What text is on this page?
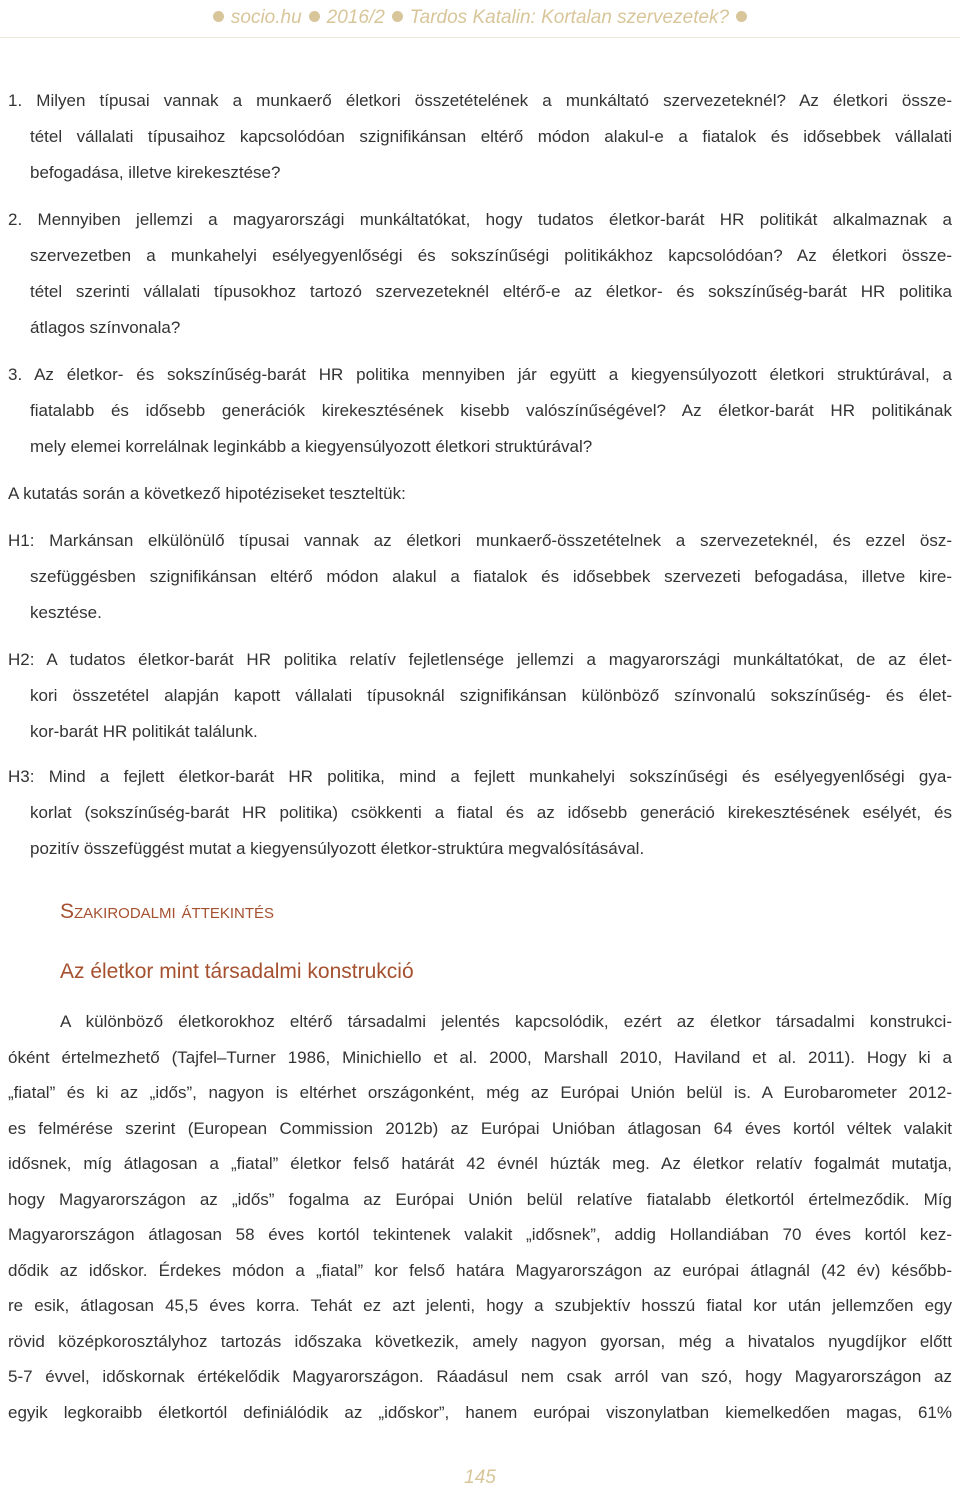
socio.hu 2016/2 Tardos Katalin: Kortalan szervezetek?
1. Milyen típusai vannak a munkaerő életkori összetételének a munkáltató szervezeteknél? Az életkori össze-
tétel vállalati típusaihoz kapcsolódóan szignifikánsan eltérő módon alakul-e a fiatalok és idősebbek vállalati
befogadása, illetve kirekesztése?
2. Mennyiben jellemzi a magyarországi munkáltatókat, hogy tudatos életkor-barát HR politikát alkalmaznak a
szervezetben a munkahelyi esélyegyenlőségi és sokszínűségi politikákhoz kapcsolódóan? Az életkori össze-
tétel szerinti vállalati típusokhoz tartozó szervezeteknél eltérő-e az életkor- és sokszínűség-barát HR politika
átlagos színvonala?
3. Az életkor- és sokszínűség-barát HR politika mennyiben jár együtt a kiegyensúlyozott életkori struktúrával, a
fiatalabb és idősebb generációk kirekesztésének kisebb valószínűségével? Az életkor-barát HR politikának
mely elemei korrelálnak leginkább a kiegyensúlyozott életkori struktúrával?
A kutatás során a következő hipotéziseket teszteltük:
H1: Markánsan elkülönülő típusai vannak az életkori munkaerő-összetételnek a szervezeteknél, és ezzel ösz-
szefüggésben szignifikánsan eltérő módon alakul a fiatalok és idősebbek szervezeti befogadása, illetve kire-
kesztése.
H2: A tudatos életkor-barát HR politika relatív fejletlensége jellemzi a magyarországi munkáltatókat, de az élet-
kori összetétel alapján kapott vállalati típusoknál szignifikánsan különböző színvonalú sokszínűség- és élet-
kor-barát HR politikát találunk.
H3: Mind a fejlett életkor-barát HR politika, mind a fejlett munkahelyi sokszínűségi és esélyegyenlőségi gya-
korlat (sokszínűség-barát HR politika) csökkenti a fiatal és az idősebb generáció kirekesztésének esélyét, és
pozitív összefüggést mutat a kiegyensúlyozott életkor-struktúra megvalósításával.
Szakirodalmi áttekintés
Az életkor mint társadalmi konstrukció
A különböző életkorokhoz eltérő társadalmi jelentés kapcsolódik, ezért az életkor társadalmi konstrukci-
óként értelmezhető (Tajfel–Turner 1986, Minichiello et al. 2000, Marshall 2010, Haviland et al. 2011). Hogy ki a
„fiatal” és ki az „idős”, nagyon is eltérhet országonként, még az Európai Unión belül is. A Eurobarometer 2012-
es felmérése szerint (European Commission 2012b) az Európai Unióban átlagosan 64 éves kortól véltek valakit
idősnek, míg átlagosan a „fiatal” életkor felső határát 42 évnél húzták meg. Az életkor relatív fogalmát mutatja,
hogy Magyarországon az „idős” fogalma az Európai Unión belül relatíve fiatalabb életkortól értelmeződik. Míg
Magyarországon átlagosan 58 éves kortól tekintenek valakit „idősnek”, addig Hollandiában 70 éves kortól kez-
dődik az időskor. Érdekes módon a „fiatal” kor felső határa Magyarországon az európai átlagnál (42 év) később-
re esik, átlagosan 45,5 éves korra. Tehát ez azt jelenti, hogy a szubjektív hosszú fiatal kor után jellemzően egy
rövid középkorosztályhoz tartozás időszaka következik, amely nagyon gyorsan, még a hivatalos nyugdíjkor előtt
5-7 évvel, időskornak értékelődik Magyarországon. Ráadásul nem csak arról van szó, hogy Magyarországon az
egyik legkoraibb életkortól definiálódik az „időskor”, hanem európai viszonylatban kiemelkedően magas, 61%
145
